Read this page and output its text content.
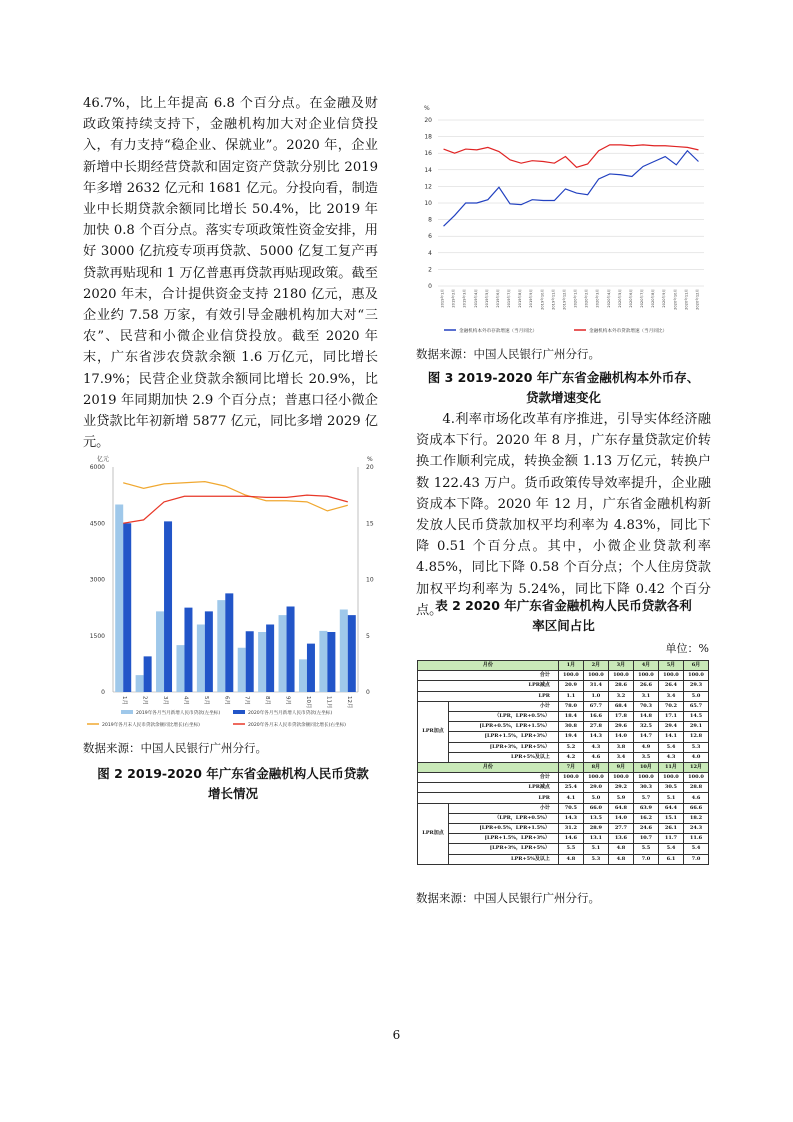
46.7%，比上年提高 6.8 个百分点。在金融及财政政策持续支持下，金融机构加大对企业信贷投入，有力支持“稳企业、保就业”。2020 年，企业新增中长期经营贷款和固定资产贷款分别比 2019 年多增 2632 亿元和 1681 亿元。分投向看，制造业中长期贷款余额同比增长 50.4%，比 2019 年加快 0.8 个百分点。落实专项政策性资金安排，用好 3000 亿抗疫专项再贷款、5000 亿复工复产再贷款再贴现和 1 万亿普惠再贷款再贴现政策。截至 2020 年末，合计提供资金支持 2180 亿元，惠及企业约 7.58 万家，有效引导金融机构加大对“三农”、民营和小微企业信贷投放。截至 2020 年末，广东省涉农贷款余额 1.6 万亿元，同比增长 17.9%；民营企业贷款余额同比增长 20.9%，比 2019 年同期加快 2.9 个百分点；普惠口径小微企业贷款比年初新增 5877 亿元，同比多增 2029 亿元。

亿元	%
6000
4500
3000
1500
0
20
15
10
5
0
1月	2月	3月	4月	5月	6月	7月	8月	9月	10月	11月	12月
2019年各月当月新增人民币贷款(左坐标)	2020年各月当月新增人民币贷款(左坐标)
2019年各月末人民币贷款余额同比增长(右坐标)	2020年各月末人民币贷款余额同比增长(右坐标)

数据来源：中国人民银行广州分行。

图 2 2019-2020 年广东省金融机构人民币贷款

增长情况

%
20
18
16
14
12
10
8
6
4
2
0
2019年1月 2019年2月 2019年3月 2019年4月 2019年5月 2019年6月 2019年7月 2019年8月 2019年9月 2019年10月 2019年11月 2019年12月 2020年1月 2020年2月 2020年3月 2020年4月 2020年5月 2020年6月 2020年7月 2020年8月 2020年9月 2020年10月 2020年11月 2020年12月
金融机构本外币存款增速（当月同比）	金融机构本外币贷款增速（当月同比）

数据来源：中国人民银行广州分行。

图 3 2019-2020 年广东省金融机构本外币存、

贷款增速变化

4.利率市场化改革有序推进，引导实体经济融资成本下行。2020 年 8 月，广东存量贷款定价转换工作顺利完成，转换金额 1.13 万亿元，转换户数 122.43 万户。货币政策传导效率提升，企业融资成本下降。2020 年 12 月，广东省金融机构新发放人民币贷款加权平均利率为 4.83%，同比下降 0.51 个百分点。其中，小微企业贷款利率 4.85%，同比下降 0.58 个百分点；个人住房贷款加权平均利率为 5.24%，同比下降 0.42 个百分点。

表 2 2020 年广东省金融机构人民币贷款各利

率区间占比

单位：%

月份		1月	2月	3月	4月	5月	6月
合计		100.0	100.0	100.0	100.0	100.0	100.0
LPR减点		20.9	31.4	28.6	26.6	26.4	29.3
LPR		1.1	1.0	3.2	3.1	3.4	5.0
LPR加点	小计	78.0	67.7	68.4	70.3	70.2	65.7
	（LPR，LPR+0.5%）	18.4	16.6	17.8	14.8	17.1	14.5
	[LPR+0.5%，LPR+1.5%）	30.8	27.8	29.6	32.5	29.4	29.1
	[LPR+1.5%，LPR+3%）	19.4	14.3	14.0	14.7	14.1	12.8
	[LPR+3%，LPR+5%）	5.2	4.3	3.8	4.9	5.4	5.3
	LPR+5%及以上	4.2	4.6	3.4	3.5	4.3	4.0
月份		7月	8月	9月	10月	11月	12月
合计		100.0	100.0	100.0	100.0	100.0	100.0
LPR减点		25.4	29.0	29.2	30.3	30.5	28.8
LPR		4.1	5.0	5.9	5.7	5.1	4.6
LPR加点	小计	70.5	66.0	64.8	63.9	64.4	66.6
	（LPR，LPR+0.5%）	14.3	13.5	14.0	16.2	15.1	18.2
	[LPR+0.5%，LPR+1.5%）	31.2	28.9	27.7	24.6	26.1	24.3
	[LPR+1.5%，LPR+3%）	14.6	13.1	13.6	10.7	11.7	11.6
	[LPR+3%，LPR+5%）	5.5	5.1	4.8	5.5	5.4	5.4
	LPR+5%及以上	4.8	5.3	4.8	7.0	6.1	7.0

数据来源：中国人民银行广州分行。

6
